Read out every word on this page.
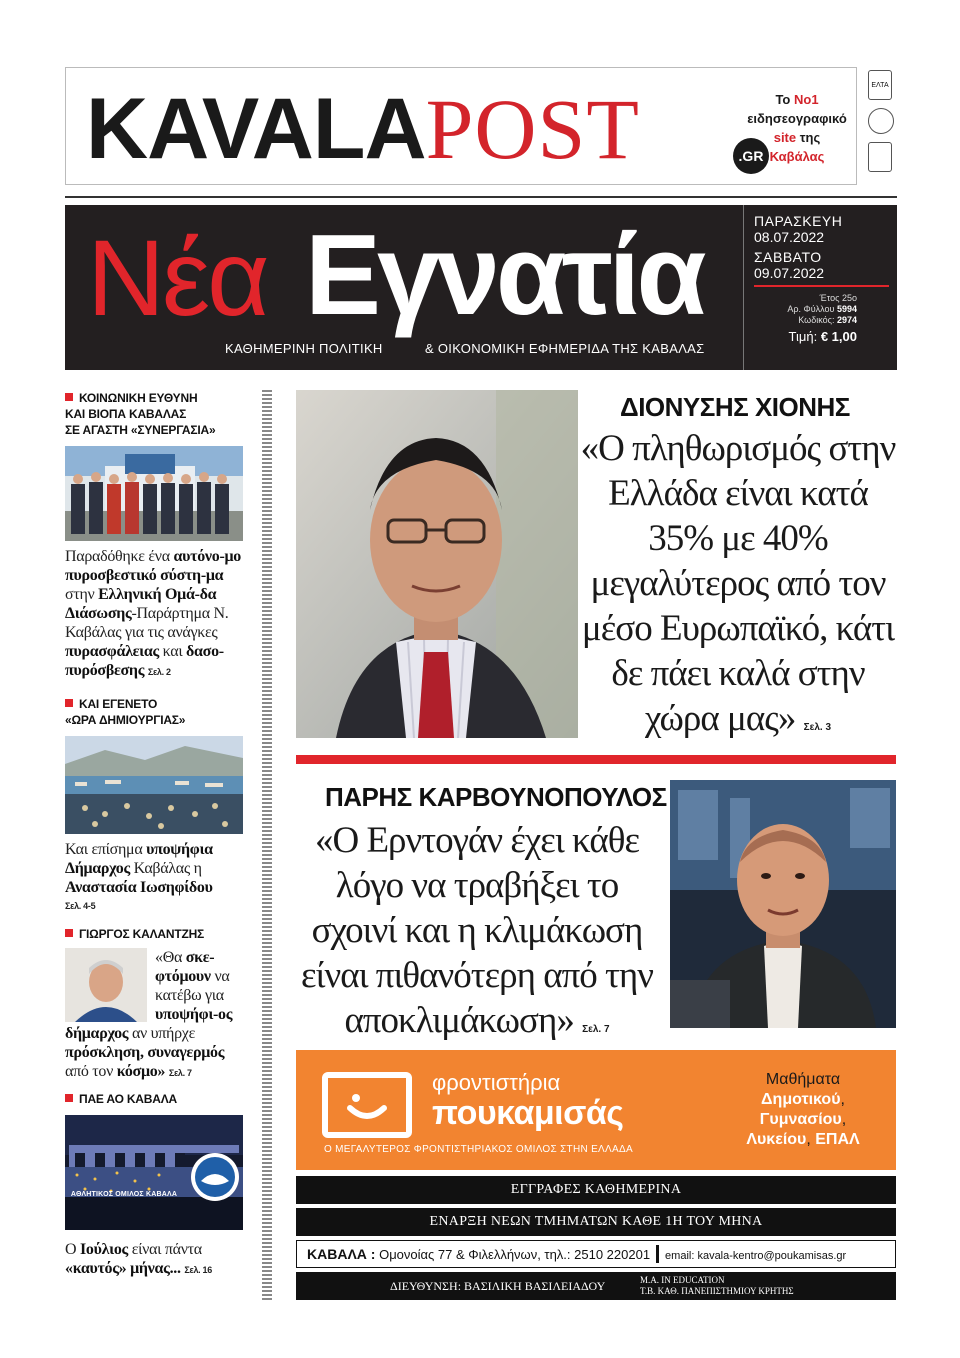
KAVALAPOST	.GR
Το Νο1
ειδησεογραφικό
site της
Καβάλας
ΕΛΤΑ
Νέα Εγνατία
ΚΑΘΗΜΕΡΙΝΗ ΠΟΛΙΤΙΚΗ	& ΟΙΚΟΝΟΜΙΚΗ ΕΦΗΜΕΡΙΔΑ ΤΗΣ ΚΑΒΑΛΑΣ
ΠΑΡΑΣΚΕΥΗ
08.07.2022
ΣΑΒΒΑΤΟ
09.07.2022
Έτος 25ο
Αρ. Φύλλου 5994
Κωδικός: 2974
Τιμή: € 1,00
ΚΟΙΝΩΝΙΚΗ ΕΥΘΥΝΗ
ΚΑΙ ΒΙΟΠΑ ΚΑΒΑΛΑΣ
ΣΕ ΑΓΑΣΤΗ «ΣΥΝΕΡΓΑΣΙΑ»
Παραδόθηκε ένα αυτόνο-μο πυροσβεστικό σύστη-μα στην Ελληνική Ομά-δα Διάσωσης-Παράρτημα Ν. Καβάλας για τις ανάγκες πυρασφάλειας και δασο-πυρόσβεσης Σελ. 2
ΚΑΙ ΕΓΕΝΕΤΟ
«ΩΡΑ ΔΗΜΙΟΥΡΓΙΑΣ»
Και επίσημα υποψήφια Δήμαρχος Καβάλας η Αναστασία Ιωσηφίδου
Σελ. 4-5
ΓΙΩΡΓΟΣ ΚΑΛΑΝΤΖΗΣ
«Θα σκε-φτόμουν να κατέβω για υποψήφι-ος δήμαρχος αν υπήρχε πρόσκληση, συναγερμός από τον κόσμο» Σελ. 7
ΠΑΕ ΑΟ ΚΑΒΑΛΑ
ΑΘΛΗΤΙΚΟΣ ΟΜΙΛΟΣ ΚΑΒΑΛΑ
Ο Ιούλιος είναι πάντα «καυτός» μήνας... Σελ. 16
ΔΙΟΝΥΣΗΣ ΧΙΟΝΗΣ
«Ο πληθωρισμός στην Ελλάδα είναι κατά 35% με 40% μεγαλύτερος από τον μέσο Ευρωπαϊκό, κάτι δε πάει καλά στην χώρα μας» Σελ. 3
ΠΑΡΗΣ ΚΑΡΒΟΥΝΟΠΟΥΛΟΣ
«Ο Ερντογάν έχει κάθε λόγο να τραβήξει το σχοινί και η κλιμάκωση είναι πιθανότερη από την αποκλιμάκωση» Σελ. 7
φροντιστήρια
πουκαμισάς
Ο ΜΕΓΑΛΥΤΕΡΟΣ ΦΡΟΝΤΙΣΤΗΡΙΑΚΟΣ ΟΜΙΛΟΣ ΣΤΗΝ ΕΛΛΑΔΑ
Μαθήματα
Δημοτικού,
Γυμνασίου,
Λυκείου, ΕΠΑΛ
ΕΓΓΡΑΦΕΣ ΚΑΘΗΜΕΡΙΝΑ
ΕΝΑΡΞΗ ΝΕΩΝ ΤΜΗΜΑΤΩΝ ΚΑΘΕ 1Η ΤΟΥ ΜΗΝΑ
ΚΑΒΑΛΑ : Ομονοίας 77 & Φιλελλήνων, τηλ.: 2510 220201 email: kavala-kentro@poukamisas.gr
ΔΙΕΥΘΥΝΣΗ: ΒΑΣΙΛΙΚΗ ΒΑΣΙΛΕΙΑΔΟΥ	M.A. IN EDUCATION
Τ.Β. ΚΑΘ. ΠΑΝΕΠΙΣΤΗΜΙΟΥ ΚΡΗΤΗΣ
